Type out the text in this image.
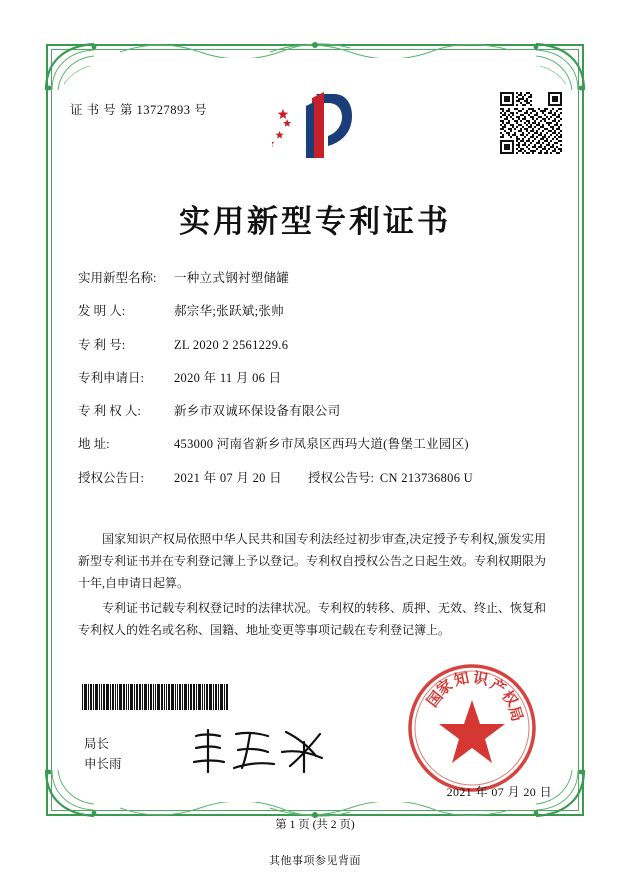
证 书 号 第 13727893 号
实用新型专利证书
实用新型名称:	一种立式钢衬塑储罐
发 明 人:	郝宗华;张跃斌;张帅
专 利 号:	ZL 2020 2 2561229.6
专利申请日:	2020 年 11 月 06 日
专 利 权 人:	新乡市双诚环保设备有限公司
地 址:	453000 河南省新乡市凤泉区西玛大道(鲁堡工业园区)
授权公告日:	2021 年 07 月 20 日 授权公告号: CN 213736806 U

国家知识产权局依照中华人民共和国专利法经过初步审查,决定授予专利权,颁发实用新型专利证书并在专利登记簿上予以登记。专利权自授权公告之日起生效。专利权期限为十年,自申请日起算。

专利证书记载专利权登记时的法律状况。专利权的转移、质押、无效、终止、恢复和专利权人的姓名或名称、国籍、地址变更等事项记载在专利登记簿上。

局长
申长雨
国
家
知 识
产
权
局
2021 年 07 月 20 日
第 1 页 (共 2 页)
其他事项参见背面
